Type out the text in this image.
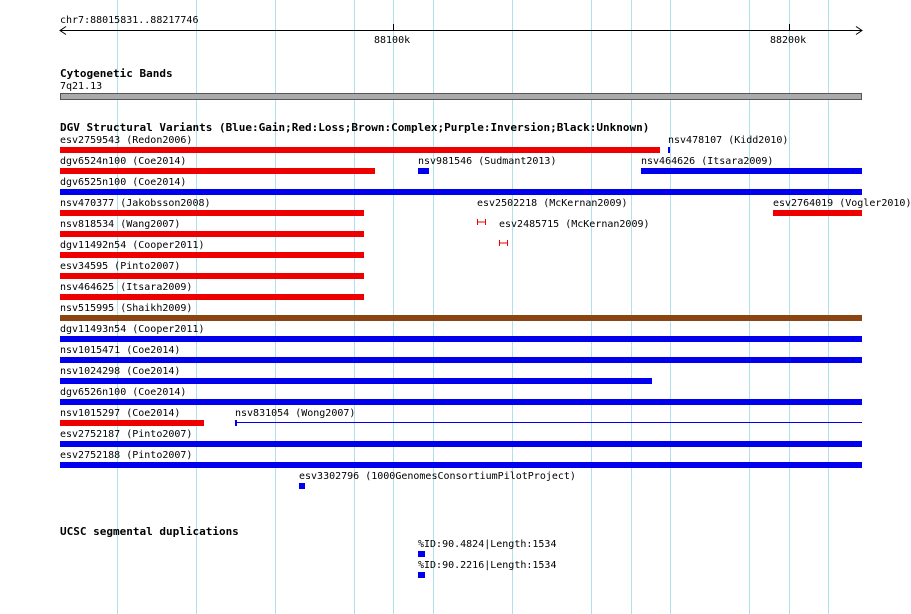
chr7:88015831..88217746
88100k	88200k
Cytogenetic Bands
7q21.13
DGV Structural Variants (Blue:Gain;Red:Loss;Brown:Complex;Purple:Inversion;Black:Unknown)
esv2759543 (Redon2006)	nsv478107 (Kidd2010)
dgv6524n100 (Coe2014)	nsv981546 (Sudmant2013)	nsv464626 (Itsara2009)
dgv6525n100 (Coe2014)
nsv470377 (Jakobsson2008)	esv2502218 (McKernan2009)	esv2764019 (Vogler2010)
nsv818534 (Wang2007)	esv2485715 (McKernan2009)
dgv11492n54 (Cooper2011)
esv34595 (Pinto2007)
nsv464625 (Itsara2009)
nsv515995 (Shaikh2009)
dgv11493n54 (Cooper2011)
nsv1015471 (Coe2014)
nsv1024298 (Coe2014)
dgv6526n100 (Coe2014)
nsv1015297 (Coe2014)	nsv831054 (Wong2007)
esv2752187 (Pinto2007)
esv2752188 (Pinto2007)
esv3302796 (1000GenomesConsortiumPilotProject)
UCSC segmental duplications
%ID:90.4824|Length:1534
%ID:90.2216|Length:1534
